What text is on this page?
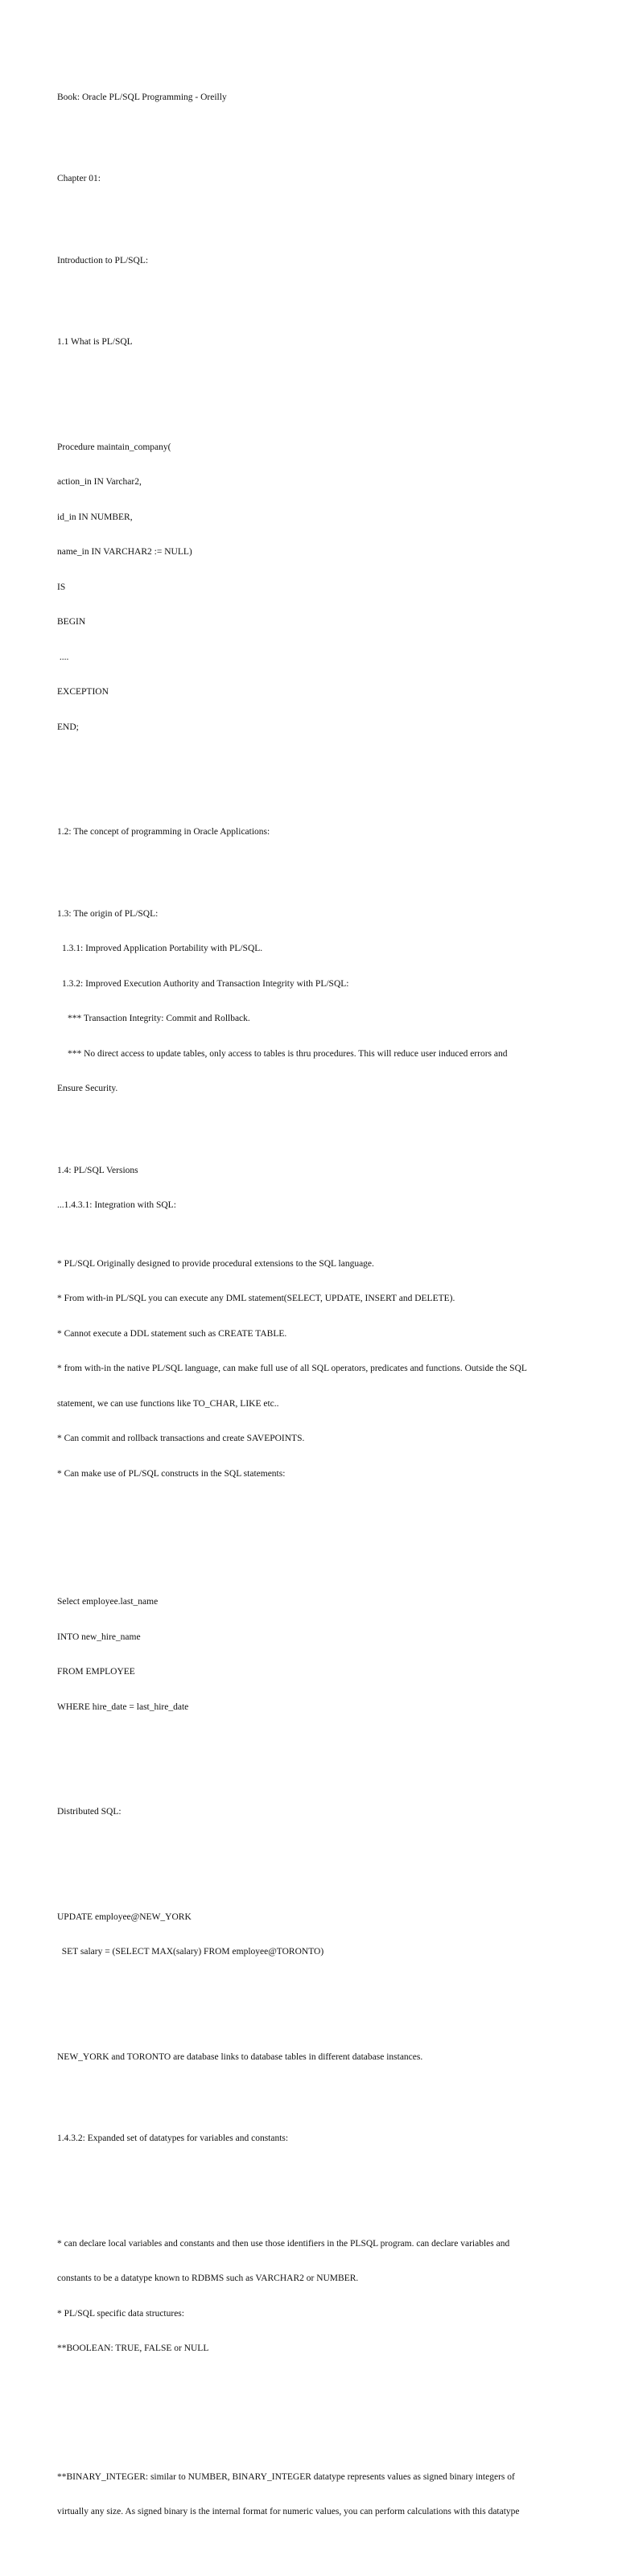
Book: Oracle PL/SQL Programming - Oreilly

Chapter 01:

Introduction to PL/SQL:

1.1 What is PL/SQL

Procedure maintain_company(

action_in IN Varchar2,

id_in IN NUMBER,

name_in IN VARCHAR2 := NULL)

IS

BEGIN

....

EXCEPTION

END;

1.2: The concept of programming in Oracle Applications:

1.3: The origin of PL/SQL:

1.3.1: Improved Application Portability with PL/SQL.

1.3.2: Improved Execution Authority and Transaction Integrity with PL/SQL:

*** Transaction Integrity: Commit and Rollback.

*** No direct access to update tables, only access to tables is thru procedures. This will reduce user induced errors and

Ensure Security.

1.4: PL/SQL Versions

...1.4.3.1: Integration with SQL:

* PL/SQL Originally designed to provide procedural extensions to the SQL language.

* From with-in PL/SQL you can execute any DML statement(SELECT, UPDATE, INSERT and DELETE).

* Cannot execute a DDL statement such as CREATE TABLE.

* from with-in the native PL/SQL language, can make full use of all SQL operators, predicates and functions. Outside the SQL

statement, we can use functions like TO_CHAR, LIKE etc..

* Can commit and rollback transactions and create SAVEPOINTS.

* Can make use of PL/SQL constructs in the SQL statements:

Select employee.last_name

INTO new_hire_name

FROM EMPLOYEE

WHERE hire_date = last_hire_date

Distributed SQL:

UPDATE employee@NEW_YORK

SET salary = (SELECT MAX(salary) FROM employee@TORONTO)

NEW_YORK and TORONTO are database links to database tables in different database instances.

1.4.3.2: Expanded set of datatypes for variables and constants:

* can declare local variables and constants and then use those identifiers in the PLSQL program. can declare variables and

constants to be a datatype known to RDBMS such as VARCHAR2 or NUMBER.

* PL/SQL specific data structures:

**BOOLEAN: TRUE, FALSE or NULL

**BINARY_INTEGER: similar to NUMBER, BINARY_INTEGER datatype represents values as signed binary integers of

virtually any size. As signed binary is the internal format for numeric values, you can perform calculations with this datatype
